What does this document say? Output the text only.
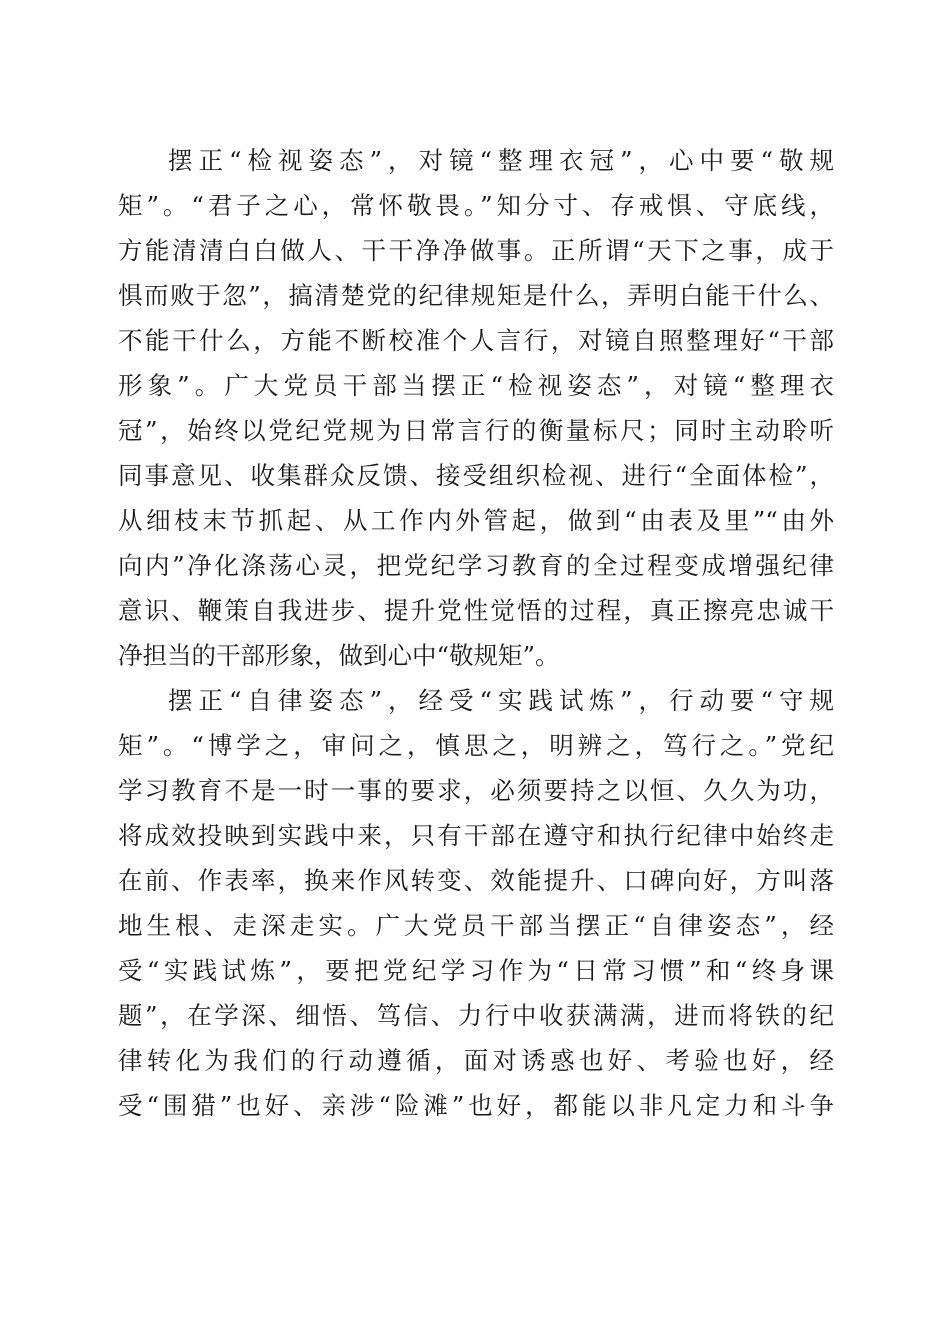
摆正“检视姿态”，对镜“整理衣冠”，心中要“敬规
矩”。“君子之心，常怀敬畏。”知分寸、存戒惧、守底线，
方能清清白白做人、干干净净做事。正所谓“天下之事，成于
惧而败于忽”，搞清楚党的纪律规矩是什么，弄明白能干什么、
不能干什么，方能不断校准个人言行，对镜自照整理好“干部
形象”。广大党员干部当摆正“检视姿态”，对镜“整理衣
冠”，始终以党纪党规为日常言行的衡量标尺；同时主动聆听
同事意见、收集群众反馈、接受组织检视、进行“全面体检”，
从细枝末节抓起、从工作内外管起，做到“由表及里”“由外
向内”净化涤荡心灵，把党纪学习教育的全过程变成增强纪律
意识、鞭策自我进步、提升党性觉悟的过程，真正擦亮忠诚干
净担当的干部形象，做到心中“敬规矩”。
摆正“自律姿态”，经受“实践试炼”，行动要“守规
矩”。“博学之，审问之，慎思之，明辨之，笃行之。”党纪
学习教育不是一时一事的要求，必须要持之以恒、久久为功，
将成效投映到实践中来，只有干部在遵守和执行纪律中始终走
在前、作表率，换来作风转变、效能提升、口碑向好，方叫落
地生根、走深走实。广大党员干部当摆正“自律姿态”，经
受“实践试炼”，要把党纪学习作为“日常习惯”和“终身课
题”，在学深、细悟、笃信、力行中收获满满，进而将铁的纪
律转化为我们的行动遵循，面对诱惑也好、考验也好，经
受“围猎”也好、亲涉“险滩”也好，都能以非凡定力和斗争
